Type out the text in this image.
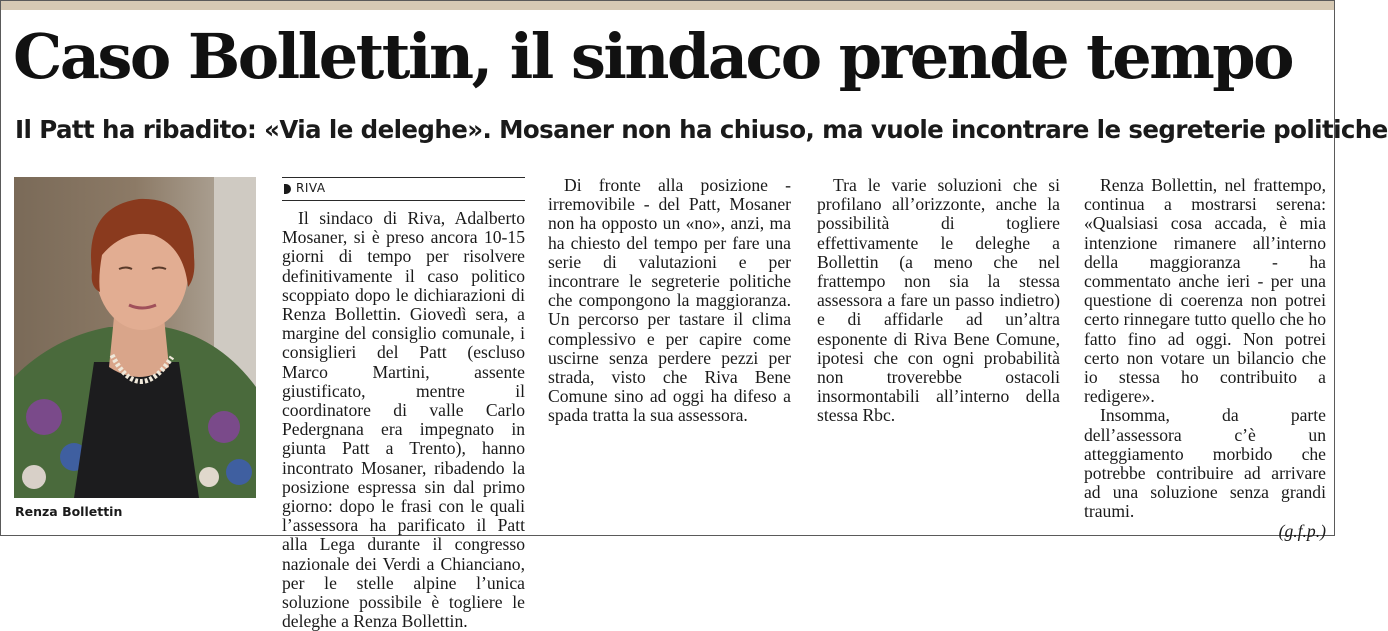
Caso Bollettin, il sindaco prende tempo
Il Patt ha ribadito: «Via le deleghe». Mosaner non ha chiuso, ma vuole incontrare le segreterie politiche

Renza Bollettin

RIVA

Il sindaco di Riva, Adalberto Mosaner, si è preso ancora 10-15 giorni di tempo per risolvere definitivamente il caso politico scoppiato dopo le dichiarazioni di Renza Bollettin. Giovedì sera, a margine del consiglio comunale, i consiglieri del Patt (escluso Marco Martini, assente giustificato, mentre il coordinatore di valle Carlo Pedergnana era impegnato in giunta Patt a Trento), hanno incontrato Mosaner, ribadendo la posizione espressa sin dal primo giorno: dopo le frasi con le quali l’assessora ha parificato il Patt alla Lega durante il congresso nazionale dei Verdi a Chianciano, per le stelle alpine l’unica soluzione possibile è togliere le deleghe a Renza Bollettin.

Di fronte alla posizione - irremovibile - del Patt, Mosaner non ha opposto un «no», anzi, ma ha chiesto del tempo per fare una serie di valutazioni e per incontrare le segreterie politiche che compongono la maggioranza. Un percorso per tastare il clima complessivo e per capire come uscirne senza perdere pezzi per strada, visto che Riva Bene Comune sino ad oggi ha difeso a spada tratta la sua assessora.

Tra le varie soluzioni che si profilano all’orizzonte, anche la possibilità di togliere effettivamente le deleghe a Bollettin (a meno che nel frattempo non sia la stessa assessora a fare un passo indietro) e di affidarle ad un’altra esponente di Riva Bene Comune, ipotesi che con ogni probabilità non troverebbe ostacoli insormontabili all’interno della stessa Rbc.

Renza Bollettin, nel frattempo, continua a mostrarsi serena: «Qualsiasi cosa accada, è mia intenzione rimanere all’interno della maggioranza - ha commentato anche ieri - per una questione di coerenza non potrei certo rinnegare tutto quello che ho fatto fino ad oggi. Non potrei certo non votare un bilancio che io stessa ho contribuito a redigere».

Insomma, da parte dell’assessora c’è un atteggiamento morbido che potrebbe contribuire ad arrivare ad una soluzione senza grandi traumi.

(g.f.p.)
